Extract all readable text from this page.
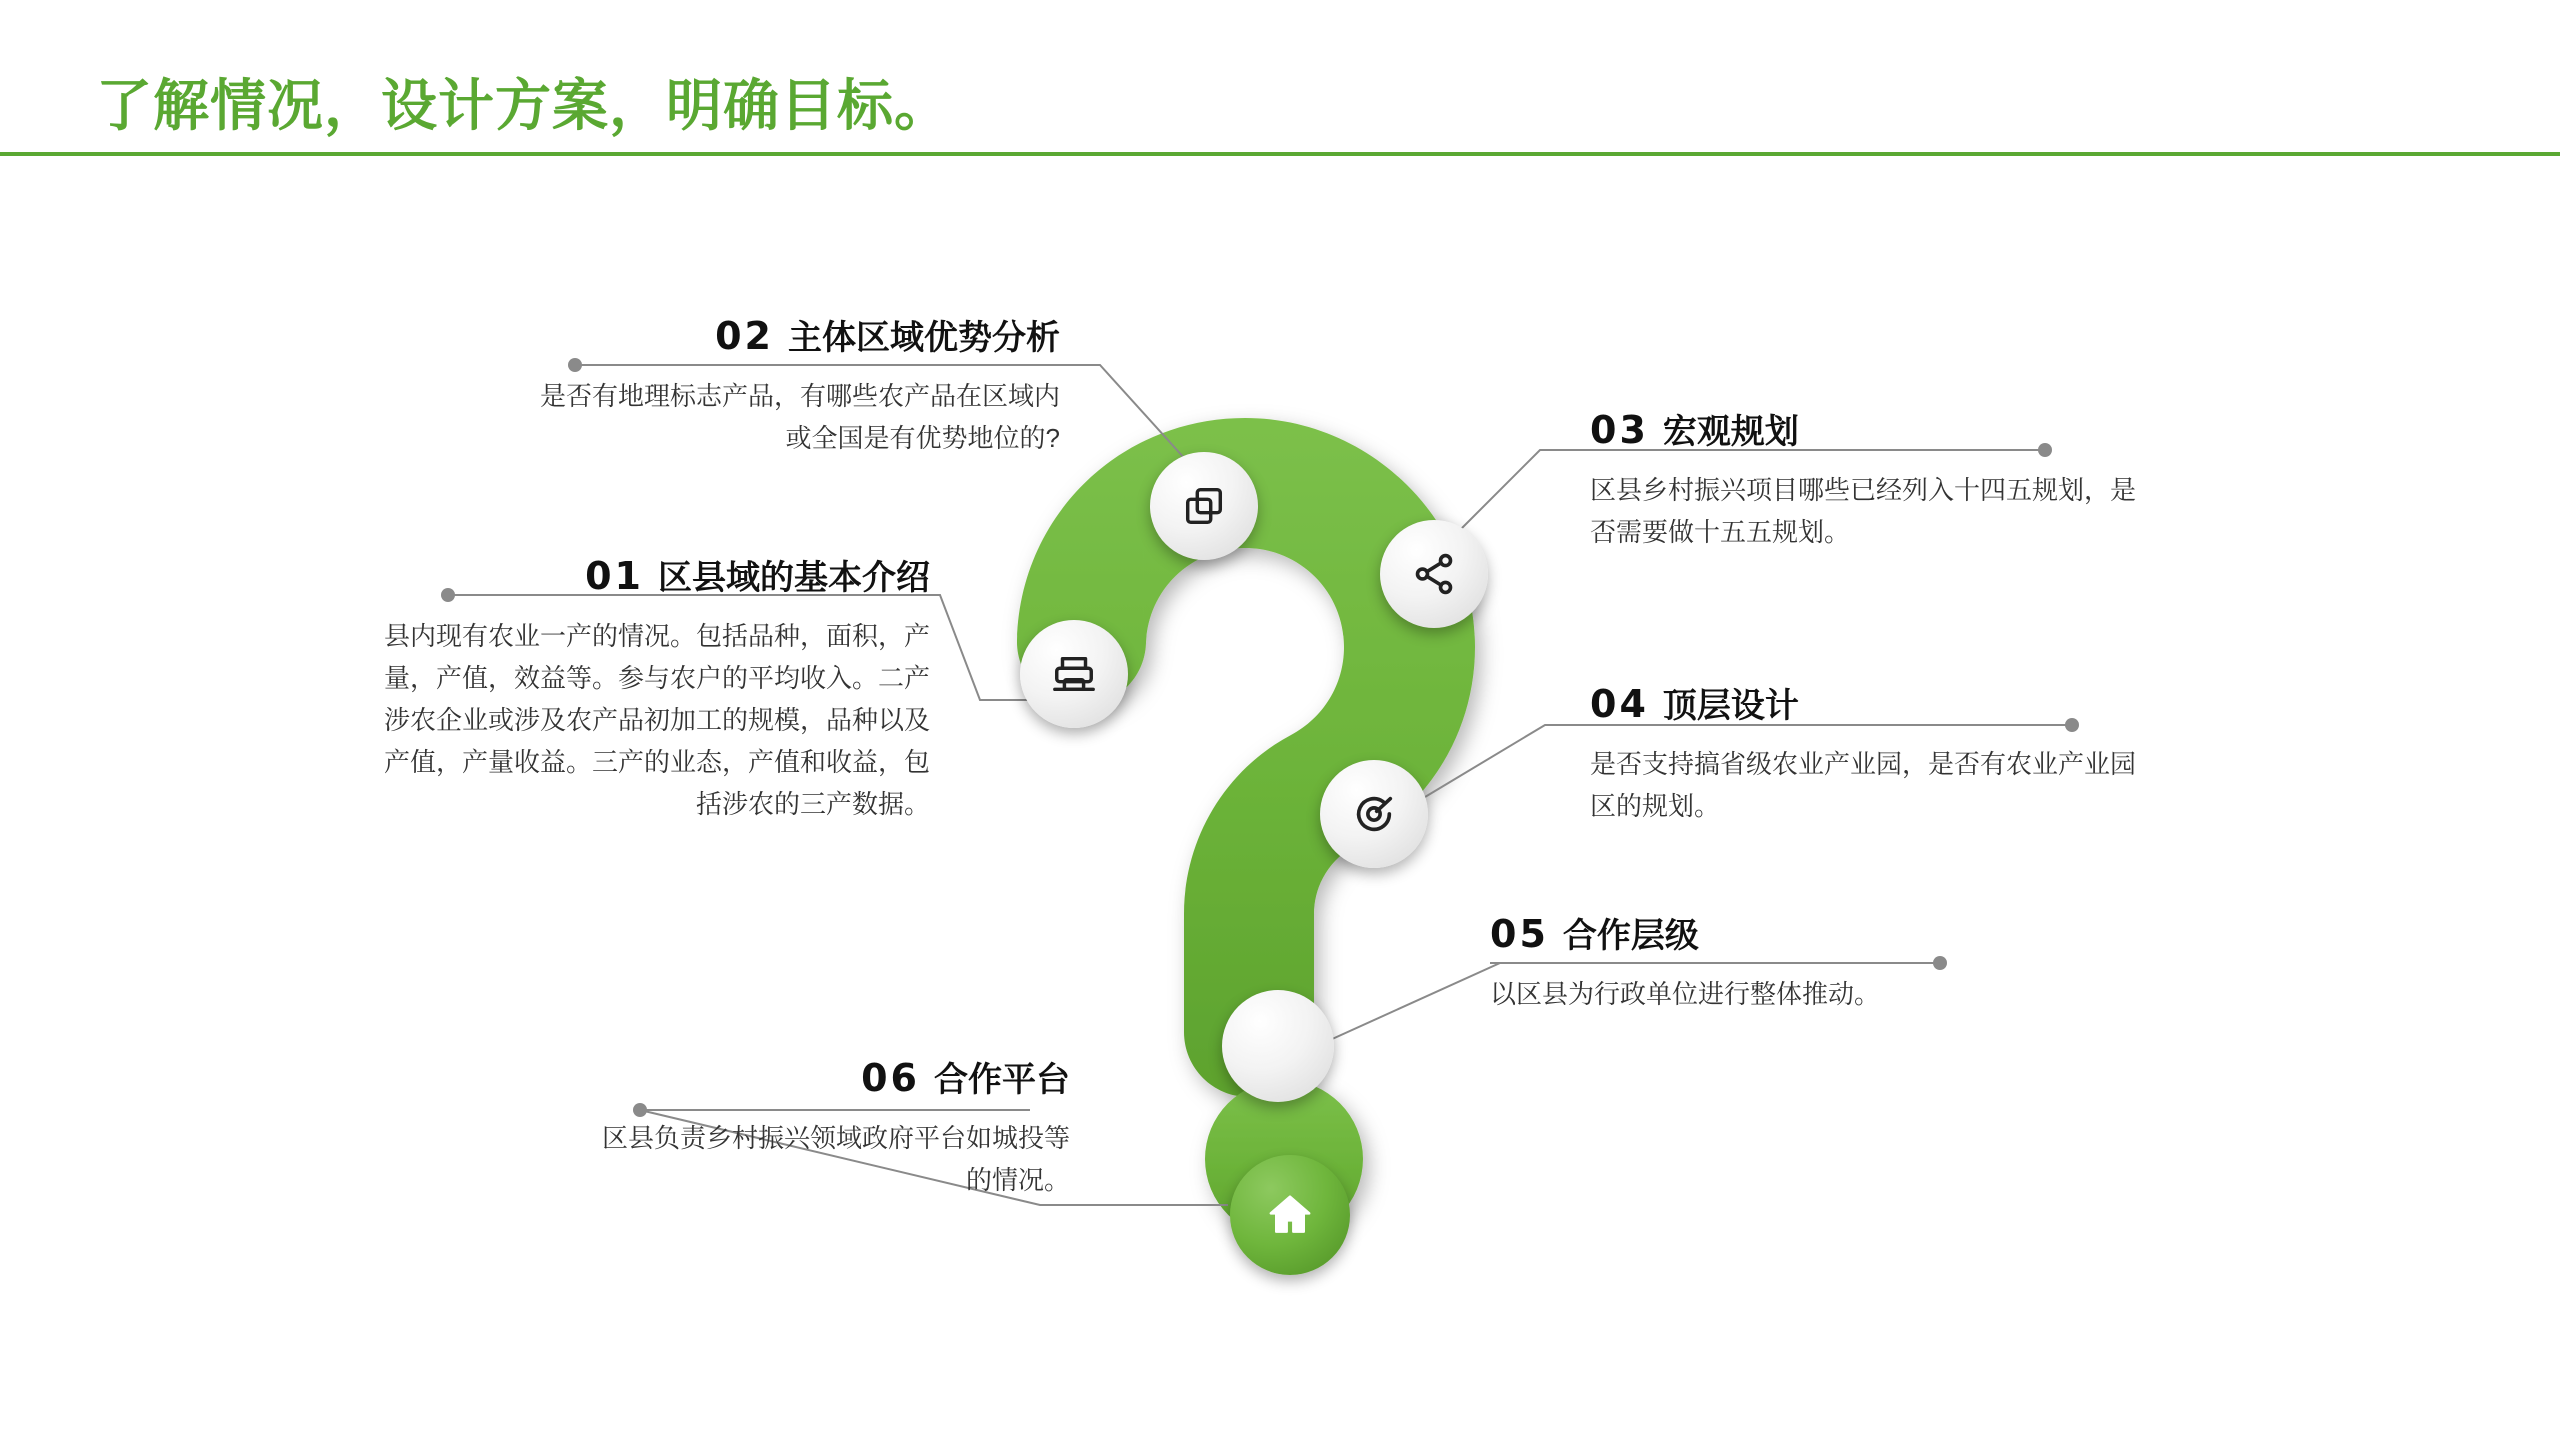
了解情况，设计方案，明确目标。
02 主体区域优势分析
是否有地理标志产品，有哪些农产品在区域内或全国是有优势地位的?
01 区县域的基本介绍
县内现有农业一产的情况。包括品种，面积，产量，产值，效益等。参与农户的平均收入。二产涉农企业或涉及农产品初加工的规模，品种以及产值，产量收益。三产的业态，产值和收益，包括涉农的三产数据。
06 合作平台
区县负责乡村振兴领域政府平台如城投等的情况。
03 宏观规划
区县乡村振兴项目哪些已经列入十四五规划，是否需要做十五五规划。
04 顶层设计
是否支持搞省级农业产业园，是否有农业产业园区的规划。
05 合作层级
以区县为行政单位进行整体推动。
